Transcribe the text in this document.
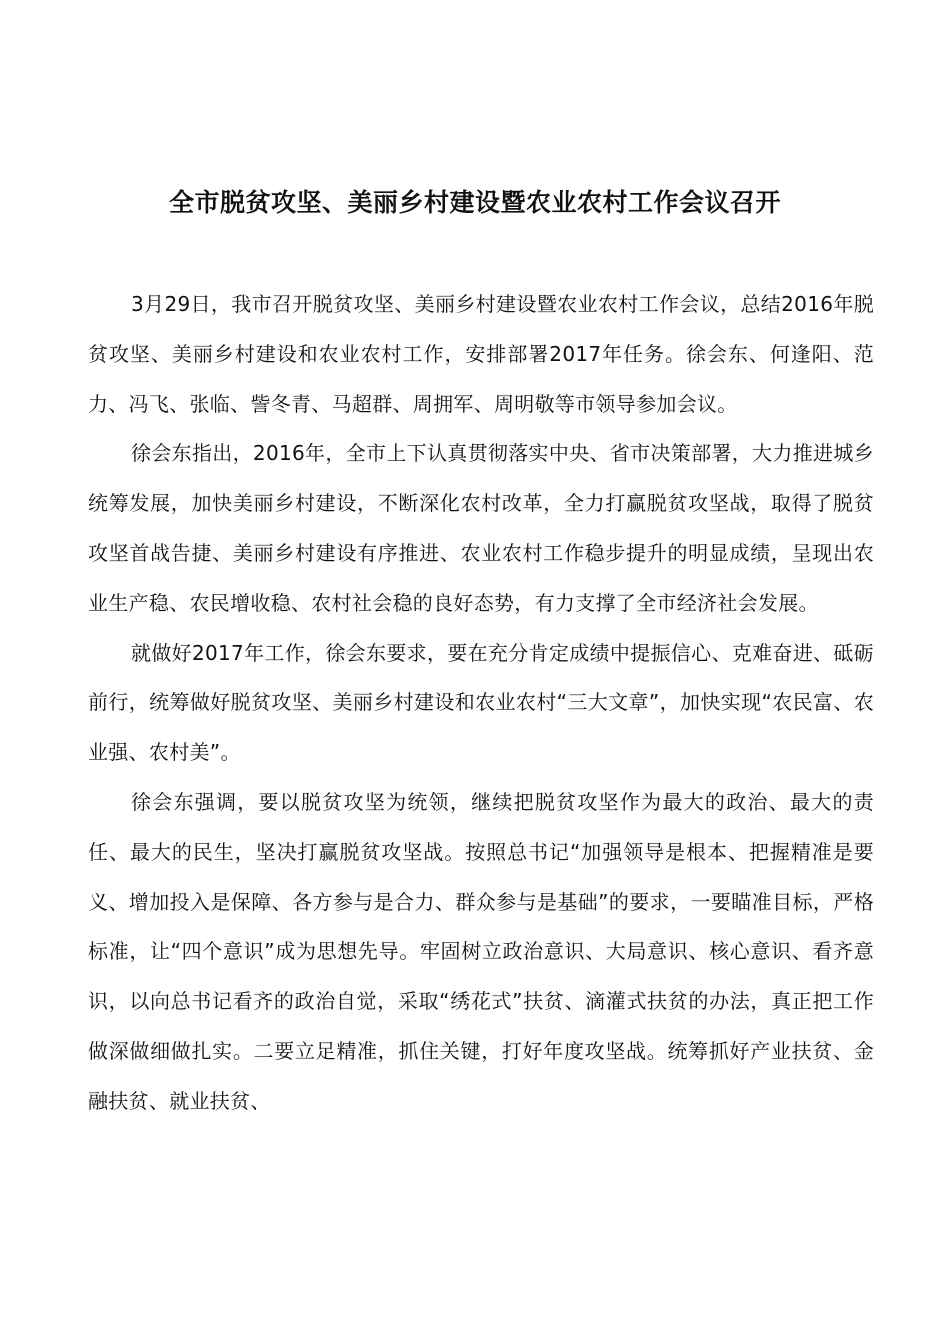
全市脱贫攻坚、美丽乡村建设暨农业农村工作会议召开

3月29日，我市召开脱贫攻坚、美丽乡村建设暨农业农村工作会议，总结2016年脱贫攻坚、美丽乡村建设和农业农村工作，安排部署2017年任务。徐会东、何逢阳、范力、冯飞、张临、訾冬青、马超群、周拥军、周明敬等市领导参加会议。

徐会东指出，2016年，全市上下认真贯彻落实中央、省市决策部署，大力推进城乡统筹发展，加快美丽乡村建设，不断深化农村改革，全力打赢脱贫攻坚战，取得了脱贫攻坚首战告捷、美丽乡村建设有序推进、农业农村工作稳步提升的明显成绩，呈现出农业生产稳、农民增收稳、农村社会稳的良好态势，有力支撑了全市经济社会发展。

就做好2017年工作，徐会东要求，要在充分肯定成绩中提振信心、克难奋进、砥砺前行，统筹做好脱贫攻坚、美丽乡村建设和农业农村“三大文章”，加快实现“农民富、农业强、农村美”。

徐会东强调，要以脱贫攻坚为统领，继续把脱贫攻坚作为最大的政治、最大的责任、最大的民生，坚决打赢脱贫攻坚战。按照总书记“加强领导是根本、把握精准是要义、增加投入是保障、各方参与是合力、群众参与是基础”的要求，一要瞄准目标，严格标准，让“四个意识”成为思想先导。牢固树立政治意识、大局意识、核心意识、看齐意识，以向总书记看齐的政治自觉，采取“绣花式”扶贫、滴灌式扶贫的办法，真正把工作做深做细做扎实。二要立足精准，抓住关键，打好年度攻坚战。统筹抓好产业扶贫、金融扶贫、就业扶贫、
